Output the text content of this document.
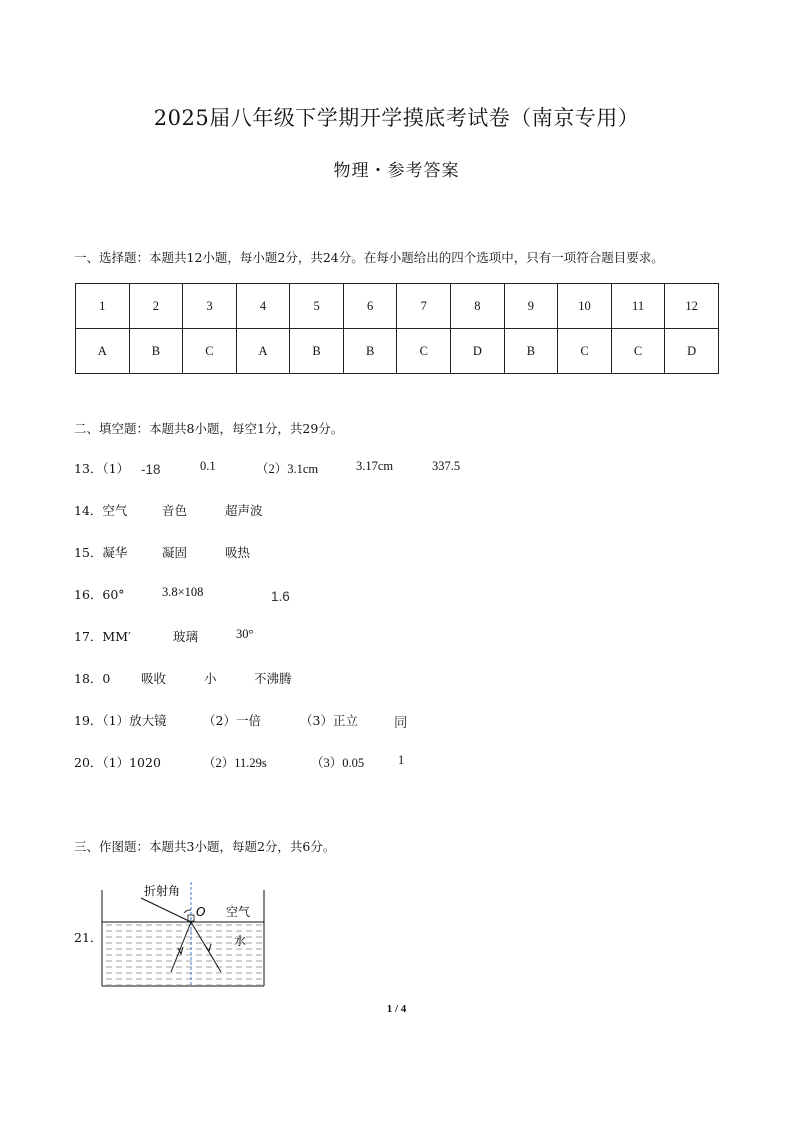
2025届八年级下学期开学摸底考试卷（南京专用）
物理・参考答案
一、选择题：本题共12小题，每小题2分，共24分。在每小题给出的四个选项中，只有一项符合题目要求。
1	2	3	4	5	6	7	8	9	10	11	12
A	B	C	A	B	B	C	D	B	C	C	D
二、填空题：本题共8小题，每空1分，共29分。
13．（1） -18	0.1	（2）3.1cm	3.17cm	337.5
14．空气	音色	超声波
15．凝华	凝固	吸热
16．60°	3.8×108	1.6
17．MM′	玻璃	30°
18．0 吸收	小	不沸腾
19．（1）放大镜	（2）一倍	（3）正立	同
20．（1）1020	（2）11.29s	（3）0.05	1
三、作图题：本题共3小题，每题2分，共6分。
21．
折射角
O 空气
水
1 / 4
